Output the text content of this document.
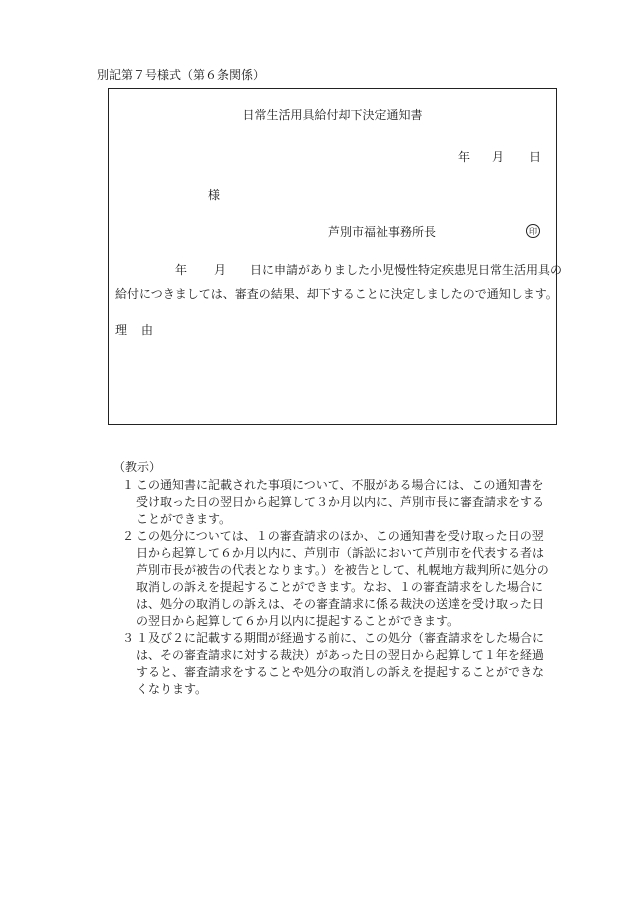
別記第７号様式（第６条関係）
日常生活用具給付却下決定通知書
年 月 日
様
芦別市福祉事務所長	印
年 月 日に申請がありました小児慢性特定疾患児日常生活用具の
給付につきましては、審査の結果、却下することに決定しましたので通知します。
理 由
（教示）

１ この通知書に記載された事項について、不服がある場合には、この通知書を受け取った日の翌日から起算して３か月以内に、芦別市長に審査請求をすることができます。

２ この処分については、１の審査請求のほか、この通知書を受け取った日の翌日から起算して６か月以内に、芦別市（訴訟において芦別市を代表する者は芦別市長が被告の代表となります。）を被告として、札幌地方裁判所に処分の取消しの訴えを提起することができます。なお、１の審査請求をした場合には、処分の取消しの訴えは、その審査請求に係る裁決の送達を受け取った日の翌日から起算して６か月以内に提起することができます。

３ １及び２に記載する期間が経過する前に、この処分（審査請求をした場合には、その審査請求に対する裁決）があった日の翌日から起算して１年を経過すると、審査請求をすることや処分の取消しの訴えを提起することができなくなります。
